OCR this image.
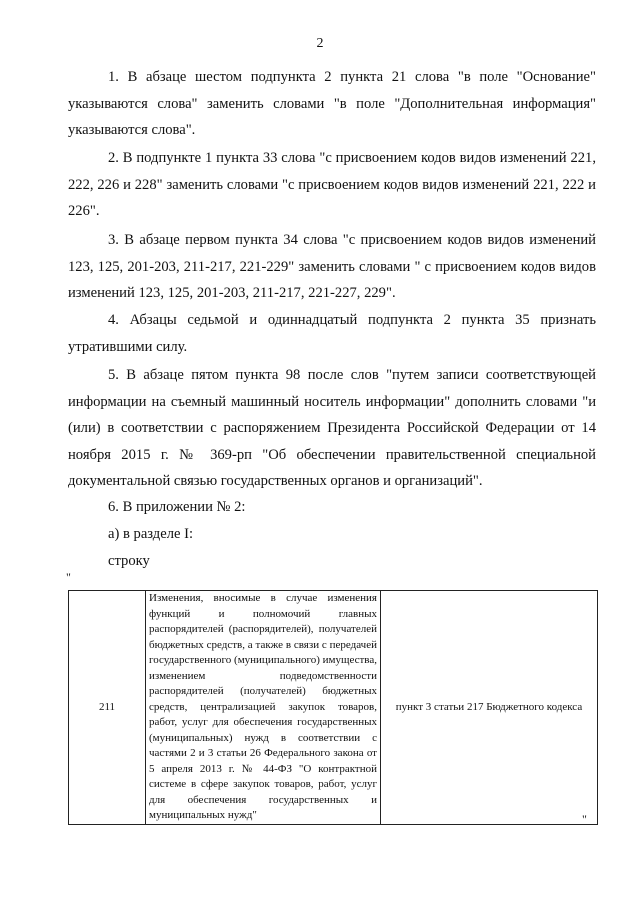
2
1. В абзаце шестом подпункта 2 пункта 21 слова "в поле "Основание" указываются слова" заменить словами "в поле "Дополнительная информация" указываются слова".
2. В подпункте 1 пункта 33 слова "с присвоением кодов видов изменений 221, 222, 226 и 228" заменить словами "с присвоением кодов видов изменений 221, 222 и 226".
3. В абзаце первом пункта 34 слова "с присвоением кодов видов изменений 123, 125, 201-203, 211-217, 221-229" заменить словами " с присвоением кодов видов изменений 123, 125, 201-203, 211-217, 221-227, 229".
4. Абзацы седьмой и одиннадцатый подпункта 2 пункта 35 признать утратившими силу.
5. В абзаце пятом пункта 98 после слов "путем записи соответствующей информации на съемный машинный носитель информации" дополнить словами "и (или) в соответствии с распоряжением Президента Российской Федерации от 14 ноября 2015 г. № 369-рп "Об обеспечении правительственной специальной документальной связью государственных органов и организаций".
6. В приложении № 2:
а) в разделе I:
строку
"
211	Изменения, вносимые в случае изменения функций и полномочий главных распорядителей (распорядителей), получателей бюджетных средств, а также в связи с передачей государственного (муниципального) имущества, изменением подведомственности распорядителей (получателей) бюджетных средств, централизацией закупок товаров, работ, услуг для обеспечения государственных (муниципальных) нужд в соответствии с частями 2 и 3 статьи 26 Федерального закона от 5 апреля 2013 г. № 44-ФЗ "О контрактной системе в сфере закупок товаров, работ, услуг для обеспечения государственных и муниципальных нужд"	пункт 3 статьи 217 Бюджетного кодекса
"
